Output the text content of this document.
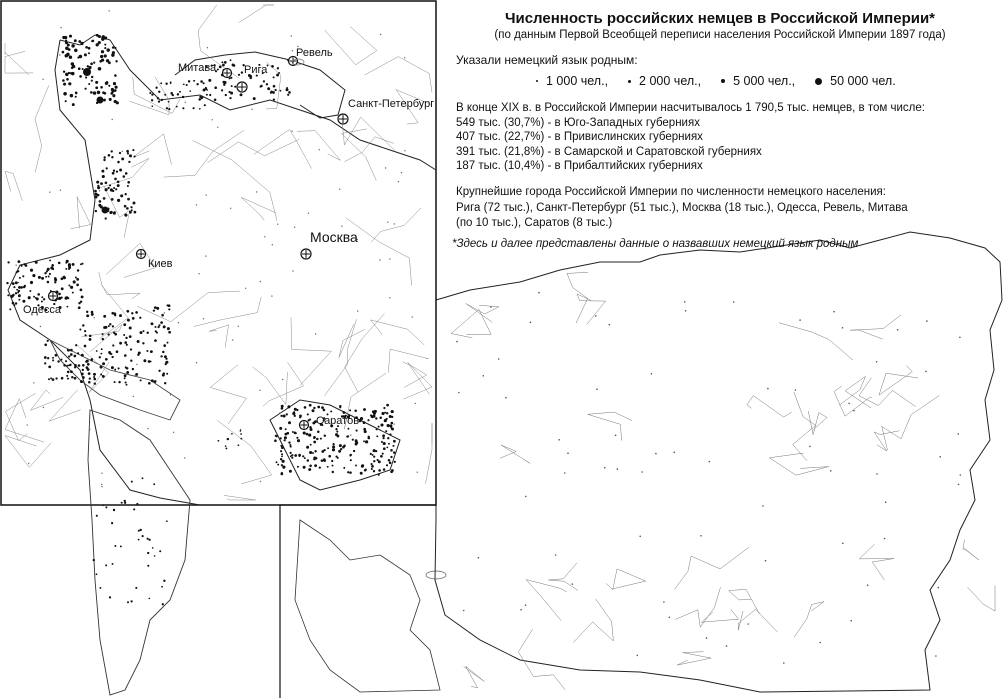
Численность российских немцев в Российской Империи*
(по данным Первой Всеобщей переписи населения Российской Империи 1897 года)
Указали немецкий язык родным:
1 000 чел., 2 000 чел.,	5 000 чел.,	50 000 чел.
В конце XIX в. в Российской Империи насчитывалось 1 790,5 тыс. немцев, в том числе:
549 тыс. (30,7%) - в Юго-Западных губерниях
407 тыс. (22,7%) - в Привислинских губерниях
391 тыс. (21,8%) - в Самарской и Саратовской губерниях
187 тыс. (10,4%) - в Прибалтийских губерниях
Крупнейшие города Российской Империи по численности немецкого населения:
Рига (72 тыс.), Санкт-Петербург (51 тыс.), Москва (18 тыс.), Одесса, Ревель, Митава
(по 10 тыс.), Саратов (8 тыс.)
*Здесь и далее представлены данные о назвавших немецкий язык родным
Митава	Рига
Ревель
Санкт-Петербург
Москва
Киев
Одесса
Саратов
